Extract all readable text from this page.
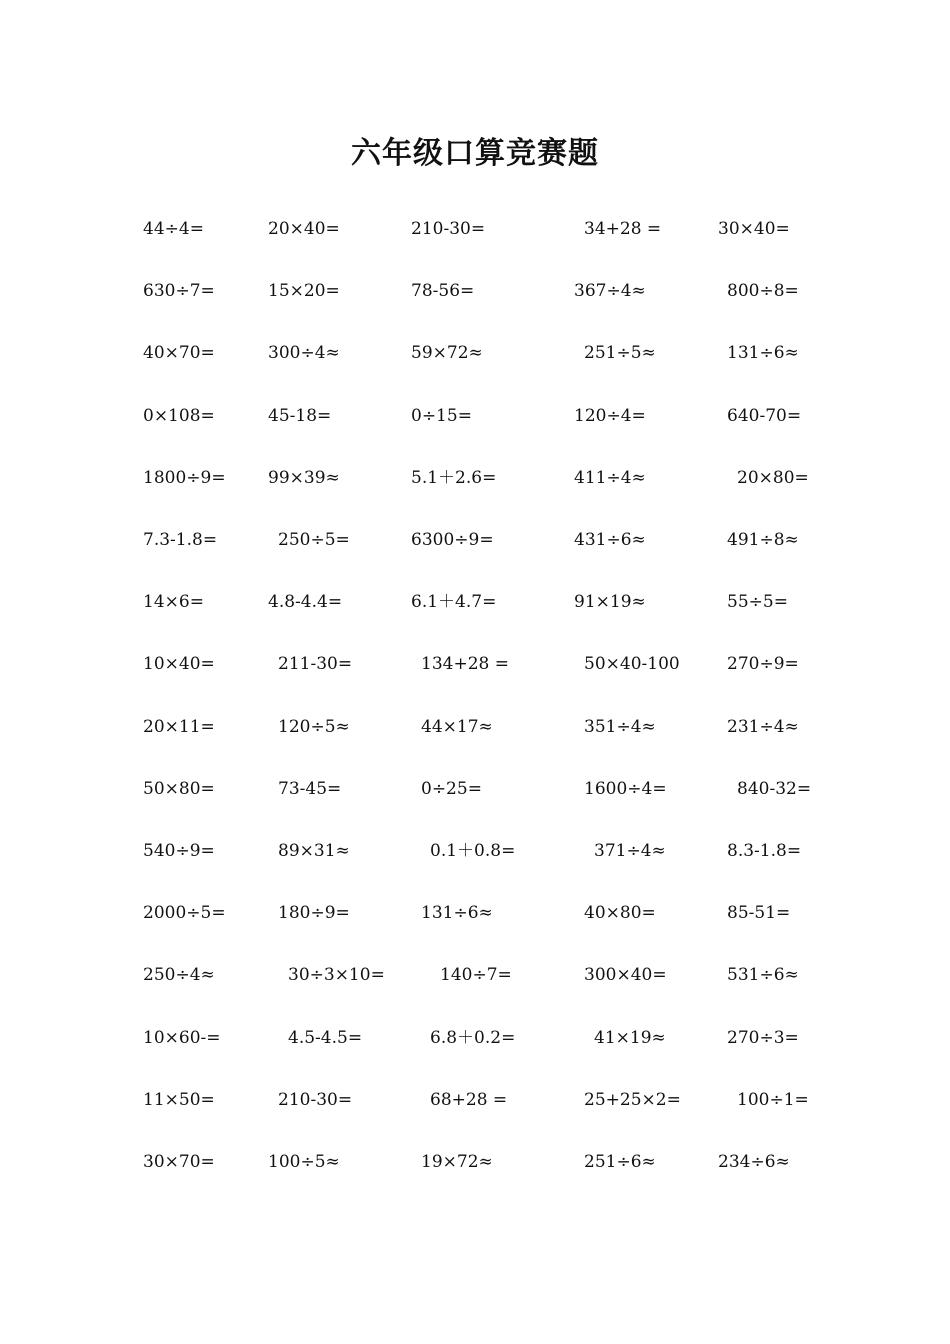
六年级口算竞赛题
44÷4=	20×40=	210-30=	34+28 =	30×40=
630÷7=	15×20=	78-56=	367÷4≈	800÷8=
40×70=	300÷4≈	59×72≈	251÷5≈	131÷6≈
0×108=	45-18=	0÷15=	120÷4=	640-70=
1800÷9= 99×39≈	5.1＋2.6=	411÷4≈	20×80=
7.3-1.8=	250÷5=	6300÷9=	431÷6≈	491÷8≈
14×6=	4.8-4.4=	6.1＋4.7=	91×19≈	55÷5=
10×40=	211-30=	134+28 =	50×40-100	270÷9=
20×11=	120÷5≈	44×17≈	351÷4≈	231÷4≈
50×80=	73-45=	0÷25=	1600÷4=	840-32=
540÷9=	89×31≈	0.1＋0.8=	371÷4≈	8.3-1.8=
2000÷5=	180÷9=	131÷6≈	40×80=	85-51=
250÷4≈	30÷3×10=	140÷7=	300×40=	531÷6≈
10×60-=	4.5-4.5=	6.8＋0.2=	41×19≈	270÷3=
11×50=	210-30=	68+28 =	25+25×2=	100÷1=
30×70=	100÷5≈	19×72≈	251÷6≈	234÷6≈
